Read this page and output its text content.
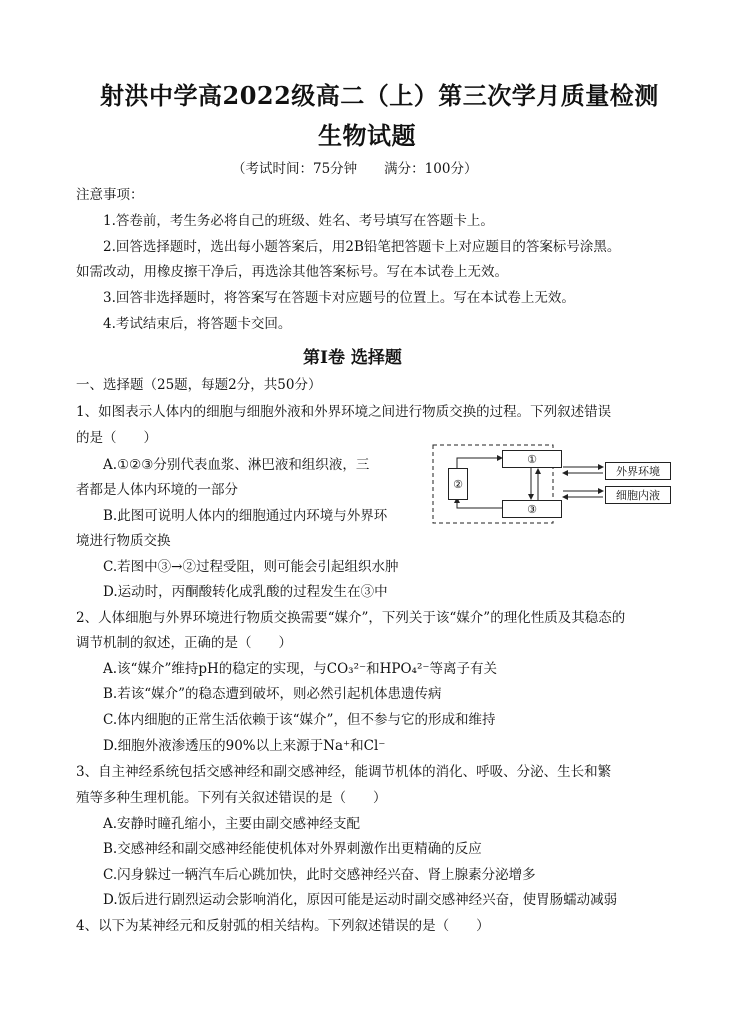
射洪中学高2022级高二（上）第三次学月质量检测
生物试题
（考试时间：75分钟　　满分：100分）
注意事项：
1.答卷前，考生务必将自己的班级、姓名、考号填写在答题卡上。
2.回答选择题时，选出每小题答案后，用2B铅笔把答题卡上对应题目的答案标号涂黑。
如需改动，用橡皮擦干净后，再选涂其他答案标号。写在本试卷上无效。
3.回答非选择题时，将答案写在答题卡对应题号的位置上。写在本试卷上无效。
4.考试结束后，将答题卡交回。
第Ⅰ卷 选择题
一、选择题（25题，每题2分，共50分）
1、如图表示人体内的细胞与细胞外液和外界环境之间进行物质交换的过程。下列叙述错误
的是（　　）
A.①②③分别代表血浆、淋巴液和组织液，三
者都是人体内环境的一部分
B.此图可说明人体内的细胞通过内环境与外界环
境进行物质交换
C.若图中③→②过程受阻，则可能会引起组织水肿
D.运动时，丙酮酸转化成乳酸的过程发生在③中
①
②
③
外界环境
细胞内液
2、人体细胞与外界环境进行物质交换需要“媒介”，下列关于该“媒介”的理化性质及其稳态的
调节机制的叙述，正确的是（　　）
A.该“媒介”维持pH的稳定的实现，与CO₃²⁻和HPO₄²⁻等离子有关
B.若该“媒介”的稳态遭到破坏，则必然引起机体患遗传病
C.体内细胞的正常生活依赖于该“媒介”，但不参与它的形成和维持
D.细胞外液渗透压的90%以上来源于Na⁺和Cl⁻
3、自主神经系统包括交感神经和副交感神经，能调节机体的消化、呼吸、分泌、生长和繁
殖等多种生理机能。下列有关叙述错误的是（　　）
A.安静时瞳孔缩小，主要由副交感神经支配
B.交感神经和副交感神经能使机体对外界刺激作出更精确的反应
C.闪身躲过一辆汽车后心跳加快，此时交感神经兴奋、肾上腺素分泌增多
D.饭后进行剧烈运动会影响消化，原因可能是运动时副交感神经兴奋，使胃肠蠕动减弱
4、以下为某神经元和反射弧的相关结构。下列叙述错误的是（　　）
